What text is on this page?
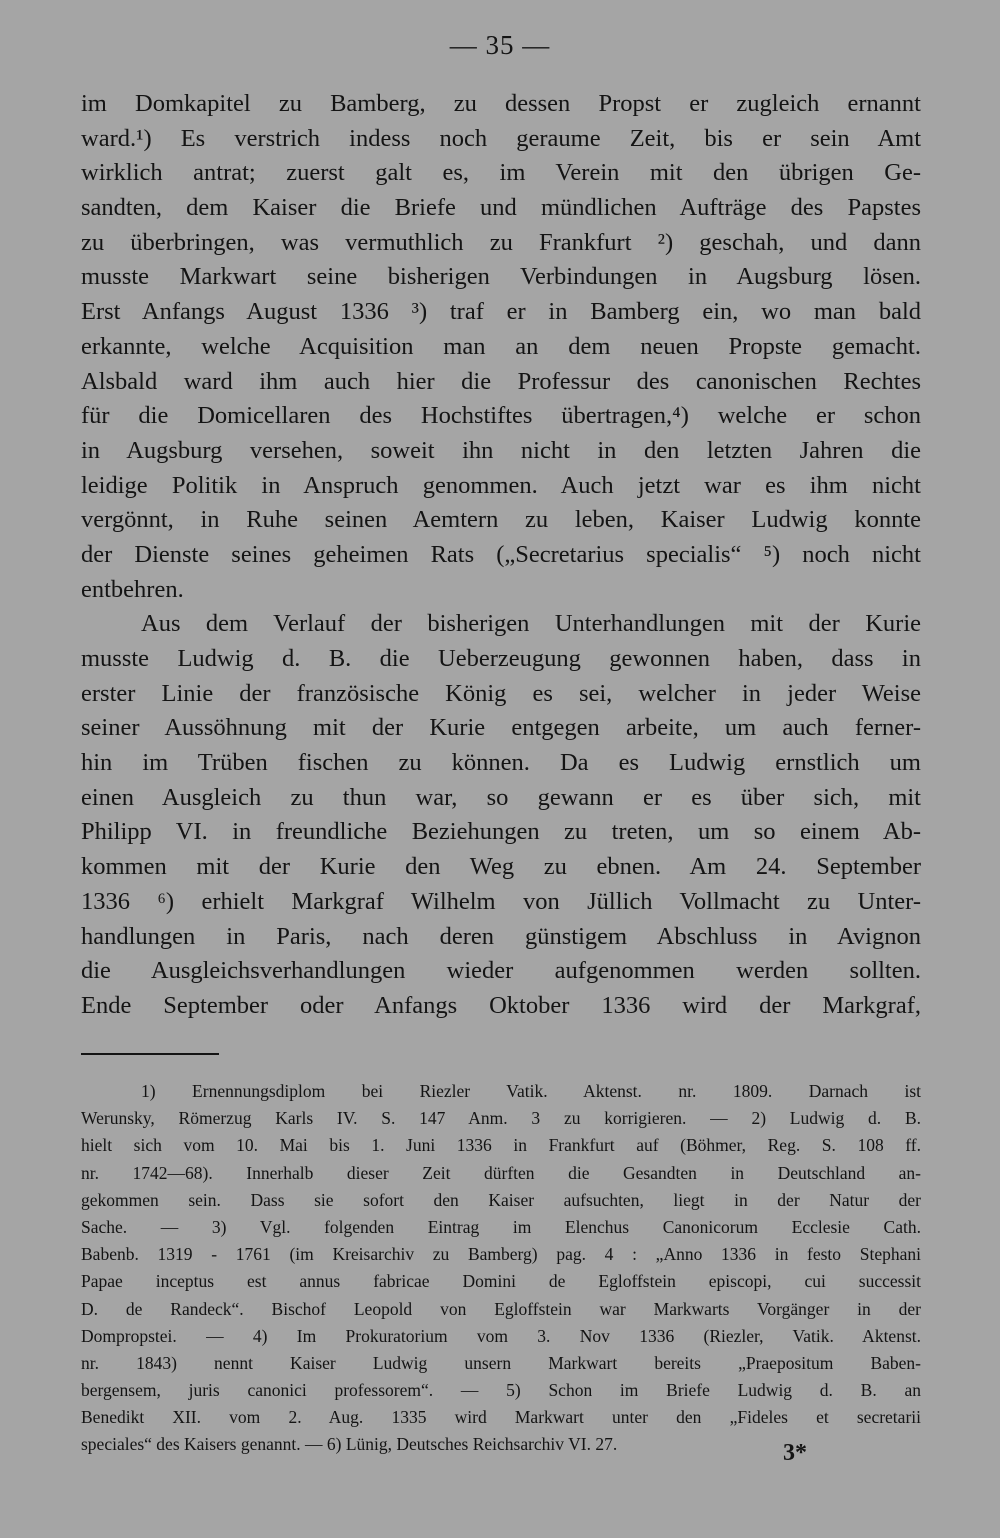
— 35 —
im Domkapitel zu Bamberg, zu dessen Propst er zugleich ernannt
ward.¹) Es verstrich indess noch geraume Zeit, bis er sein Amt
wirklich antrat; zuerst galt es, im Verein mit den übrigen Ge-
sandten, dem Kaiser die Briefe und mündlichen Aufträge des Papstes
zu überbringen, was vermuthlich zu Frankfurt ²) geschah, und dann
musste Markwart seine bisherigen Verbindungen in Augsburg lösen.
Erst Anfangs August 1336 ³) traf er in Bamberg ein, wo man bald
erkannte, welche Acquisition man an dem neuen Propste gemacht.
Alsbald ward ihm auch hier die Professur des canonischen Rechtes
für die Domicellaren des Hochstiftes übertragen,⁴) welche er schon
in Augsburg versehen, soweit ihn nicht in den letzten Jahren die
leidige Politik in Anspruch genommen. Auch jetzt war es ihm nicht
vergönnt, in Ruhe seinen Aemtern zu leben, Kaiser Ludwig konnte
der Dienste seines geheimen Rats („Secretarius specialis“ ⁵) noch nicht
entbehren.
Aus dem Verlauf der bisherigen Unterhandlungen mit der Kurie
musste Ludwig d. B. die Ueberzeugung gewonnen haben, dass in
erster Linie der französische König es sei, welcher in jeder Weise
seiner Aussöhnung mit der Kurie entgegen arbeite, um auch ferner-
hin im Trüben fischen zu können. Da es Ludwig ernstlich um
einen Ausgleich zu thun war, so gewann er es über sich, mit
Philipp VI. in freundliche Beziehungen zu treten, um so einem Ab-
kommen mit der Kurie den Weg zu ebnen. Am 24. September
1336 ⁶) erhielt Markgraf Wilhelm von Jüllich Vollmacht zu Unter-
handlungen in Paris, nach deren günstigem Abschluss in Avignon
die Ausgleichsverhandlungen wieder aufgenommen werden sollten.
Ende September oder Anfangs Oktober 1336 wird der Markgraf,
1) Ernennungsdiplom bei Riezler Vatik. Aktenst. nr. 1809. Darnach ist
Werunsky, Römerzug Karls IV. S. 147 Anm. 3 zu korrigieren. — 2) Ludwig d. B.
hielt sich vom 10. Mai bis 1. Juni 1336 in Frankfurt auf (Böhmer, Reg. S. 108 ff.
nr. 1742—68). Innerhalb dieser Zeit dürften die Gesandten in Deutschland an-
gekommen sein. Dass sie sofort den Kaiser aufsuchten, liegt in der Natur der
Sache. — 3) Vgl. folgenden Eintrag im Elenchus Canonicorum Ecclesie Cath.
Babenb. 1319 - 1761 (im Kreisarchiv zu Bamberg) pag. 4 : „Anno 1336 in festo Stephani
Papae inceptus est annus fabricae Domini de Egloffstein episcopi, cui successit
D. de Randeck“. Bischof Leopold von Egloffstein war Markwarts Vorgänger in der
Dompropstei. — 4) Im Prokuratorium vom 3. Nov 1336 (Riezler, Vatik. Aktenst.
nr. 1843) nennt Kaiser Ludwig unsern Markwart bereits „Praepositum Baben-
bergensem, juris canonici professorem“. — 5) Schon im Briefe Ludwig d. B. an
Benedikt XII. vom 2. Aug. 1335 wird Markwart unter den „Fideles et secretarii
speciales“ des Kaisers genannt. — 6) Lünig, Deutsches Reichsarchiv VI. 27.	3*
